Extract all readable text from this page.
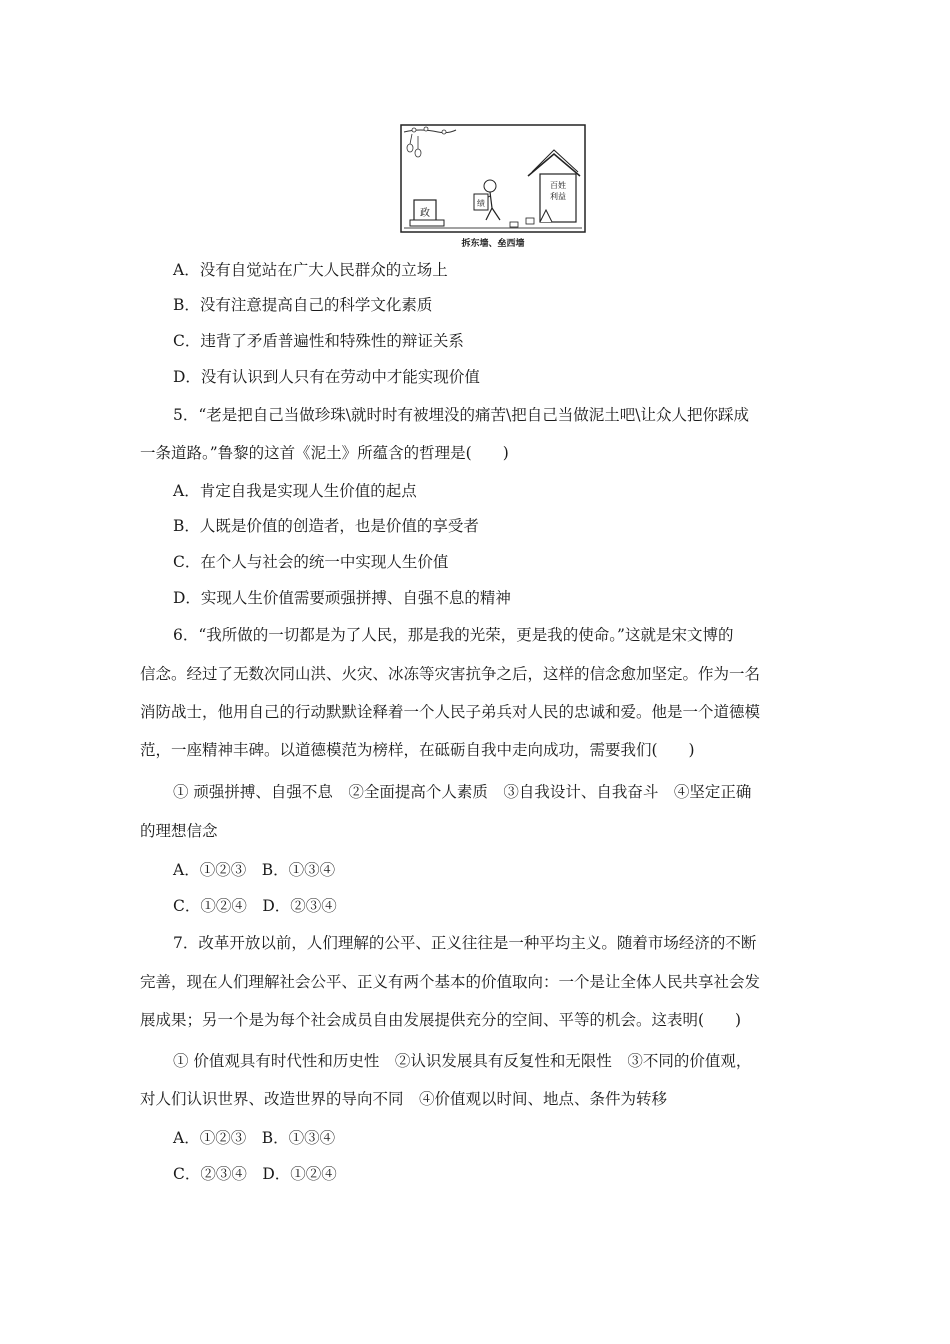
政
绩
百姓
利益
拆东墙、垒西墙
A．没有自觉站在广大人民群众的立场上
B．没有注意提高自己的科学文化素质
C．违背了矛盾普遍性和特殊性的辩证关系
D．没有认识到人只有在劳动中才能实现价值
5．“老是把自己当做珍珠\就时时有被埋没的痛苦\把自己当做泥土吧\让众人把你踩成
一条道路。”鲁黎的这首《泥土》所蕴含的哲理是(　　)
A．肯定自我是实现人生价值的起点
B．人既是价值的创造者，也是价值的享受者
C．在个人与社会的统一中实现人生价值
D．实现人生价值需要顽强拼搏、自强不息的精神
6．“我所做的一切都是为了人民，那是我的光荣，更是我的使命。”这就是宋文博的
信念。经过了无数次同山洪、火灾、冰冻等灾害抗争之后，这样的信念愈加坚定。作为一名
消防战士，他用自己的行动默默诠释着一个人民子弟兵对人民的忠诚和爱。他是一个道德模
范，一座精神丰碑。以道德模范为榜样，在砥砺自我中走向成功，需要我们(　　)
① 顽强拼搏、自强不息　②全面提高个人素质　③自我设计、自我奋斗　④坚定正确
的理想信念
A．①②③　B．①③④
C．①②④　D．②③④
7．改革开放以前，人们理解的公平、正义往往是一种平均主义。随着市场经济的不断
完善，现在人们理解社会公平、正义有两个基本的价值取向：一个是让全体人民共享社会发
展成果；另一个是为每个社会成员自由发展提供充分的空间、平等的机会。这表明(　　)
① 价值观具有时代性和历史性　②认识发展具有反复性和无限性　③不同的价值观，
对人们认识世界、改造世界的导向不同　④价值观以时间、地点、条件为转移
A．①②③　B．①③④
C．②③④　D．①②④
